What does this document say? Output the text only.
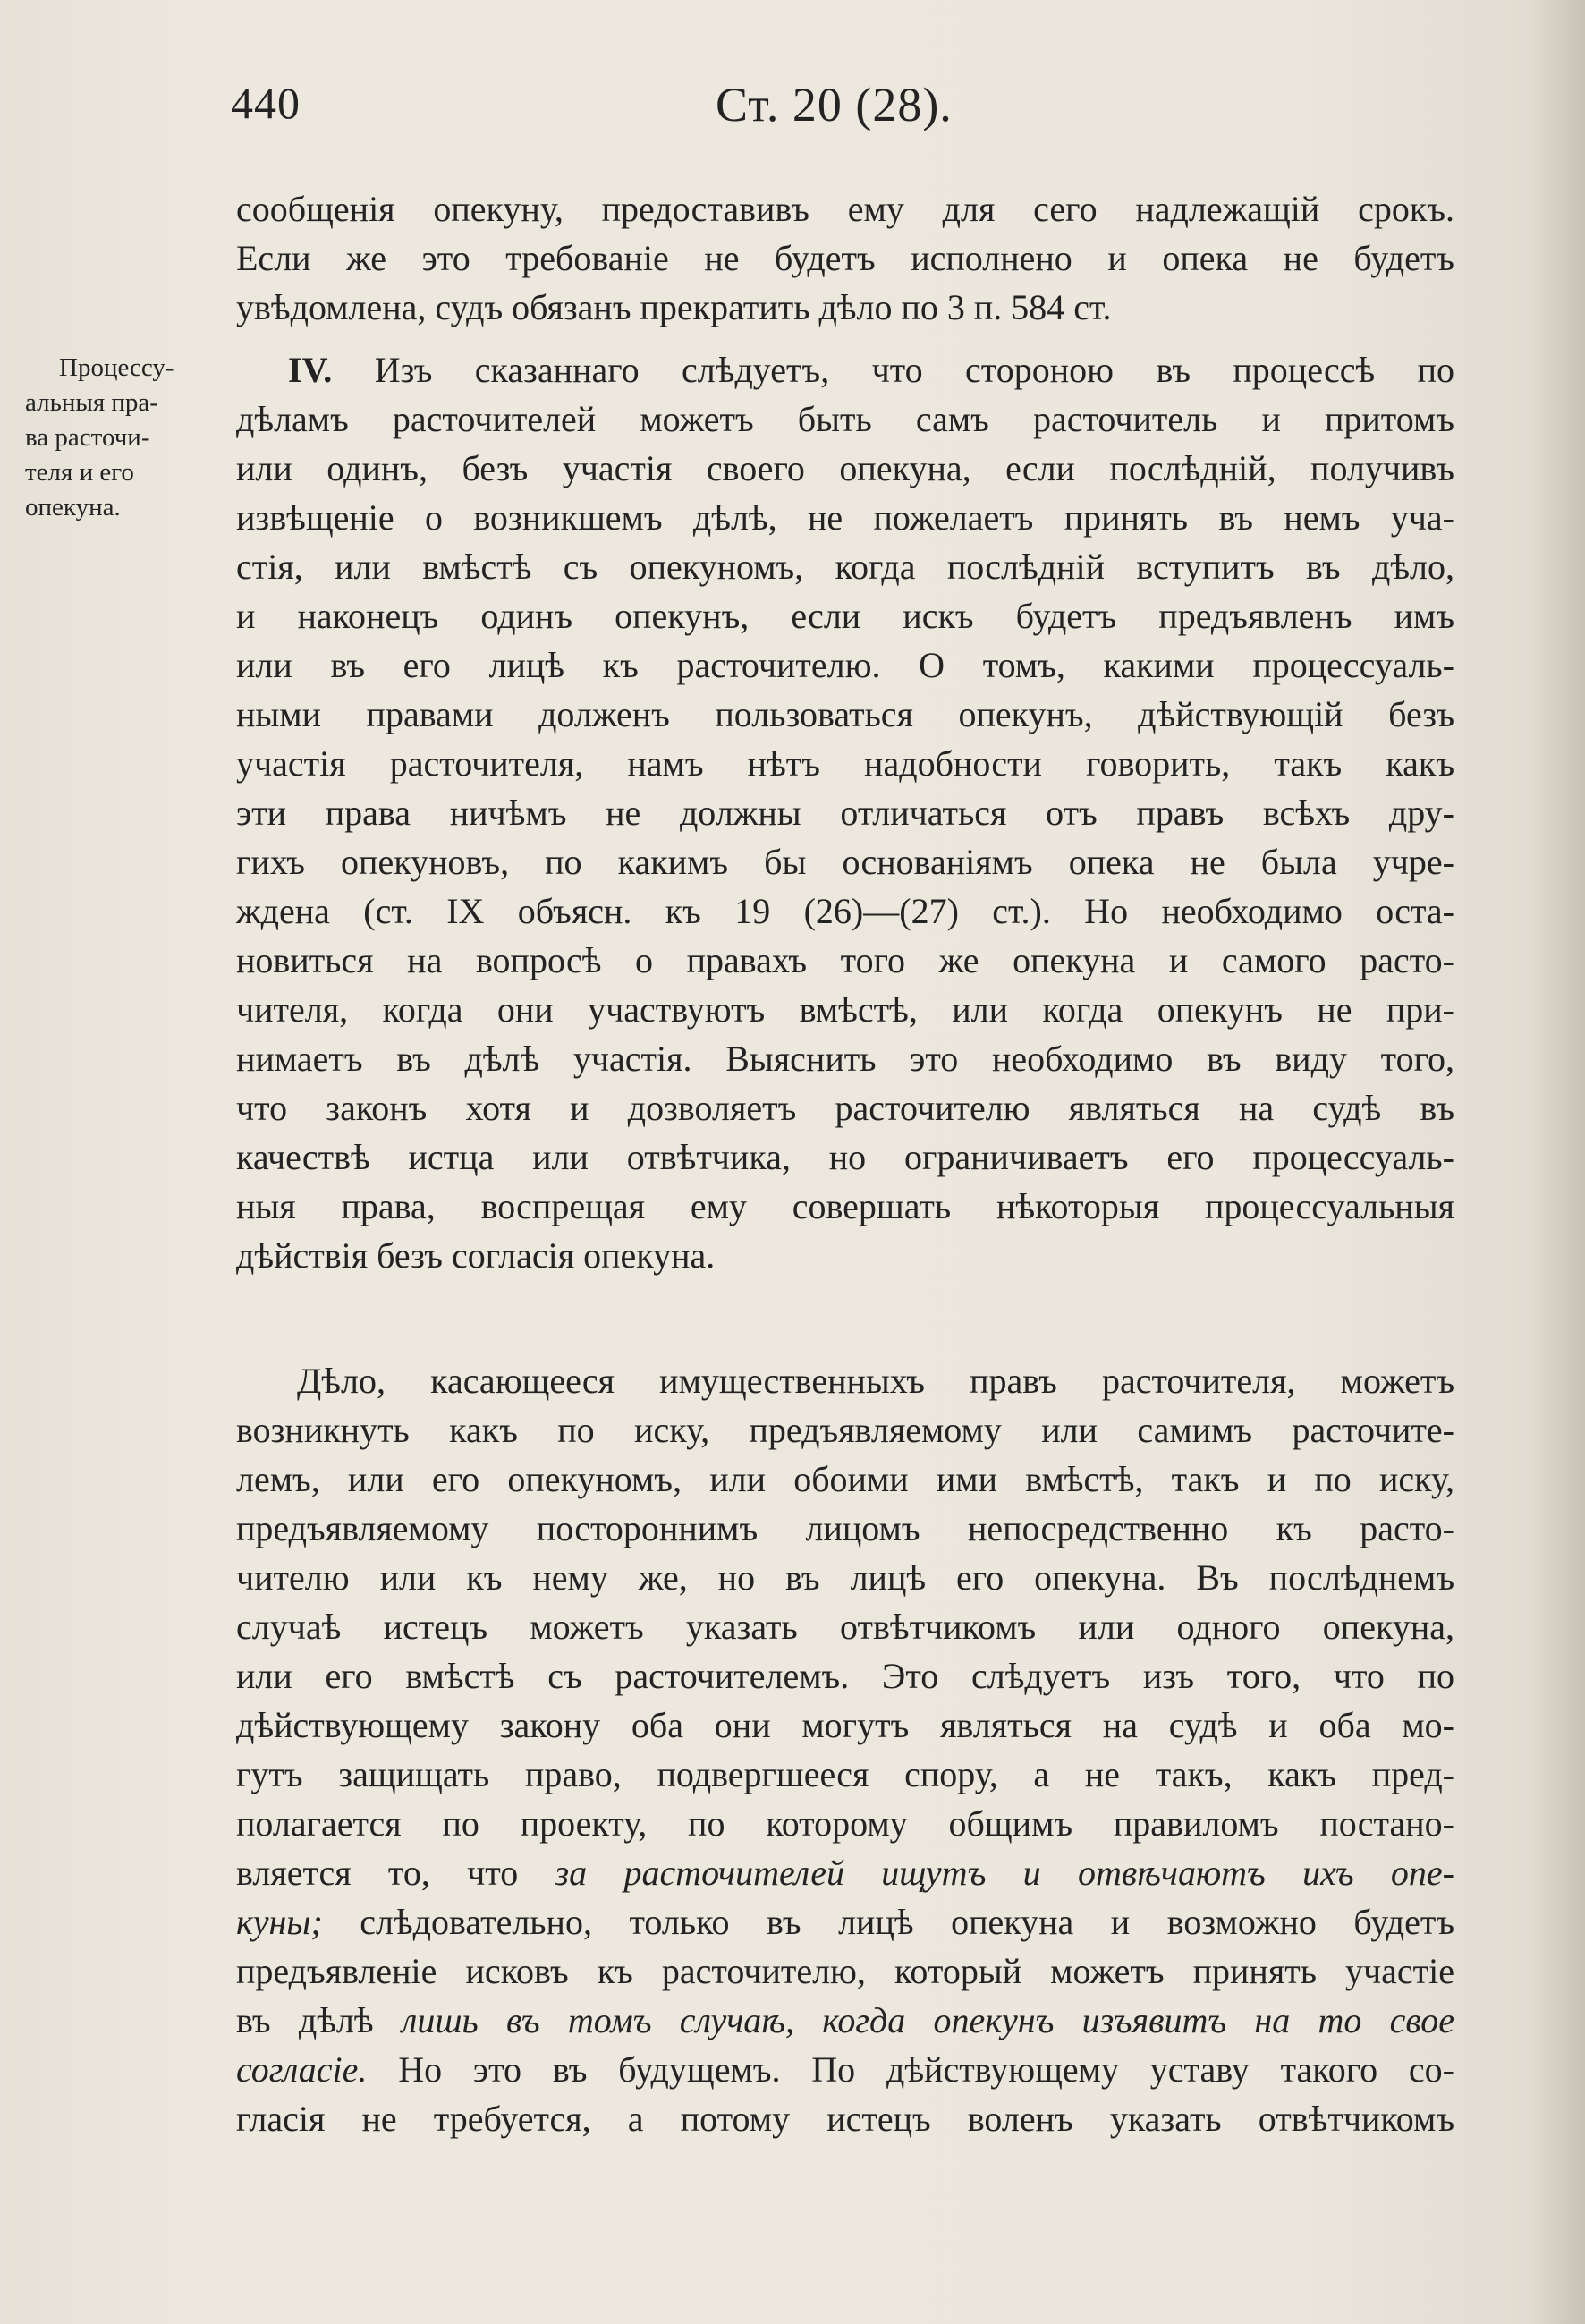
440	Ст. 20 (28).
Процессу-
альныя пра-
ва расточи-
теля и его
опекуна.
сообщенія опекуну, предоставивъ ему для сего надлежащій срокъ.
Если же это требованіе не будетъ исполнено и опека не будетъ
увѣдомлена, судъ обязанъ прекратить дѣло по 3 п. 584 ст.
IV. Изъ сказаннаго слѣдуетъ, что стороною въ процессѣ по
дѣламъ расточителей можетъ быть самъ расточитель и притомъ
или одинъ, безъ участія своего опекуна, если послѣдній, получивъ
извѣщеніе о возникшемъ дѣлѣ, не пожелаетъ принять въ немъ уча-
стія, или вмѣстѣ съ опекуномъ, когда послѣдній вступитъ въ дѣло,
и наконецъ одинъ опекунъ, если искъ будетъ предъявленъ имъ
или въ его лицѣ къ расточителю. О томъ, какими процессуаль-
ными правами долженъ пользоваться опекунъ, дѣйствующій безъ
участія расточителя, намъ нѣтъ надобности говорить, такъ какъ
эти права ничѣмъ не должны отличаться отъ правъ всѣхъ дру-
гихъ опекуновъ, по какимъ бы основаніямъ опека не была учре-
ждена (ст. IX объясн. къ 19 (26)—(27) ст.). Но необходимо оста-
новиться на вопросѣ о правахъ того же опекуна и самого расто-
чителя, когда они участвуютъ вмѣстѣ, или когда опекунъ не при-
нимаетъ въ дѣлѣ участія. Выяснить это необходимо въ виду того,
что законъ хотя и дозволяетъ расточителю являться на судѣ въ
качествѣ истца или отвѣтчика, но ограничиваетъ его процессуаль-
ныя права, воспрещая ему совершать нѣкоторыя процессуальныя
дѣйствія безъ согласія опекуна.
Дѣло, касающееся имущественныхъ правъ расточителя, можетъ
возникнуть какъ по иску, предъявляемому или самимъ расточите-
лемъ, или его опекуномъ, или обоими ими вмѣстѣ, такъ и по иску,
предъявляемому постороннимъ лицомъ непосредственно къ расто-
чителю или къ нему же, но въ лицѣ его опекуна. Въ послѣднемъ
случаѣ истецъ можетъ указать отвѣтчикомъ или одного опекуна,
или его вмѣстѣ съ расточителемъ. Это слѣдуетъ изъ того, что по
дѣйствующему закону оба они могутъ являться на судѣ и оба мо-
гутъ защищать право, подвергшееся спору, а не такъ, какъ пред-
полагается по проекту, по которому общимъ правиломъ постано-
вляется то, что за расточителей ищутъ и отвѣчаютъ ихъ опе-
куны; слѣдовательно, только въ лицѣ опекуна и возможно будетъ
предъявленіе исковъ къ расточителю, который можетъ принять участіе
въ дѣлѣ лишь въ томъ случаѣ, когда опекунъ изъявитъ на то свое
согласіе. Но это въ будущемъ. По дѣйствующему уставу такого со-
гласія не требуется, а потому истецъ воленъ указать отвѣтчикомъ
